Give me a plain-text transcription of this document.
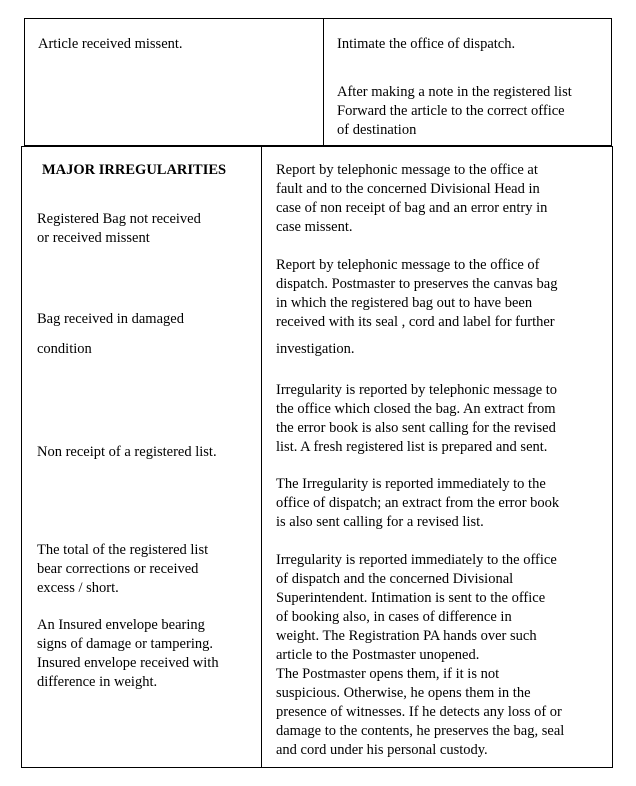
Article received missent.	Intimate the office of dispatch.
After making a note in the registered list
Forward the article to the correct office
of destination
MAJOR IRREGULARITIES
Registered Bag not received
or received missent
Bag received in damaged
condition
Non receipt of a registered list.
The total of the registered list
bear corrections or received
excess / short.
An Insured envelope bearing
signs of damage or tampering.
Insured envelope received with
difference in weight.
Report by telephonic message to the office at
fault and to the concerned Divisional Head in
case of non receipt of bag and an error entry in
case missent.
Report by telephonic message to the office of
dispatch. Postmaster to preserves the canvas bag
in which the registered bag out to have been
received with its seal , cord and label for further
investigation.
Irregularity is reported by telephonic message to
the office which closed the bag. An extract from
the error book is also sent calling for the revised
list. A fresh registered list is prepared and sent.
The Irregularity is reported immediately to the
office of dispatch; an extract from the error book
is also sent calling for a revised list.
Irregularity is reported immediately to the office
of dispatch and the concerned Divisional
Superintendent. Intimation is sent to the office
of booking also, in cases of difference in
weight. The Registration PA hands over such
article to the Postmaster unopened.
The Postmaster opens them, if it is not
suspicious. Otherwise, he opens them in the
presence of witnesses. If he detects any loss of or
damage to the contents, he preserves the bag, seal
and cord under his personal custody.
